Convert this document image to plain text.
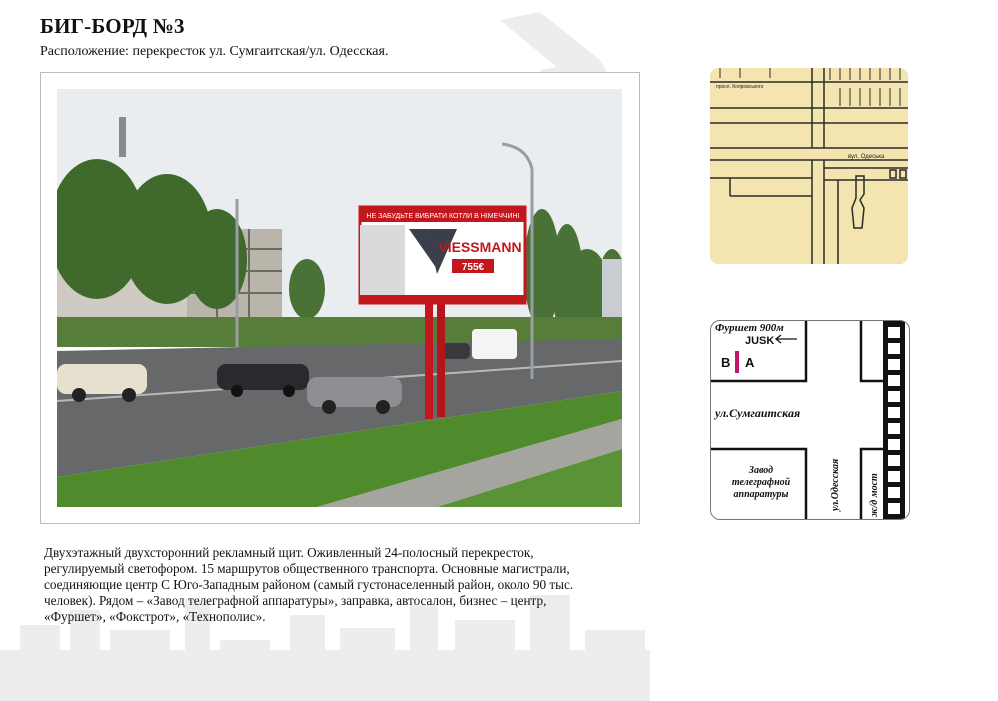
БИГ-БОРД №3
Расположение: перекресток ул. Сумгаитская/ул. Одесская.
НЕ ЗАБУДЬТЕ ВИБРАТИ КОТЛИ В НІМЕЧЧИНІ
VIESSMANN
755€
Двухэтажный двухсторонний рекламный щит. Оживленный 24-полосный перекресток, регулируемый светофором. 15 маршрутов общественного транспорта. Основные магистрали, соединяющие центр С Юго-Западным районом (самый густонаселенный район, около 90 тыс. человек). Рядом – «Завод телеграфной аппаратуры», заправка, автосалон, бизнес – центр, «Фуршет», «Фокстрот», «Технополис».
просп. Копровського
вул. Одеська
Фуршет 900м
JUSK
B A
ул.Сумгаитская
Завод
телеграфной
аппаратуры	ул.Одесская	ж/д мост
